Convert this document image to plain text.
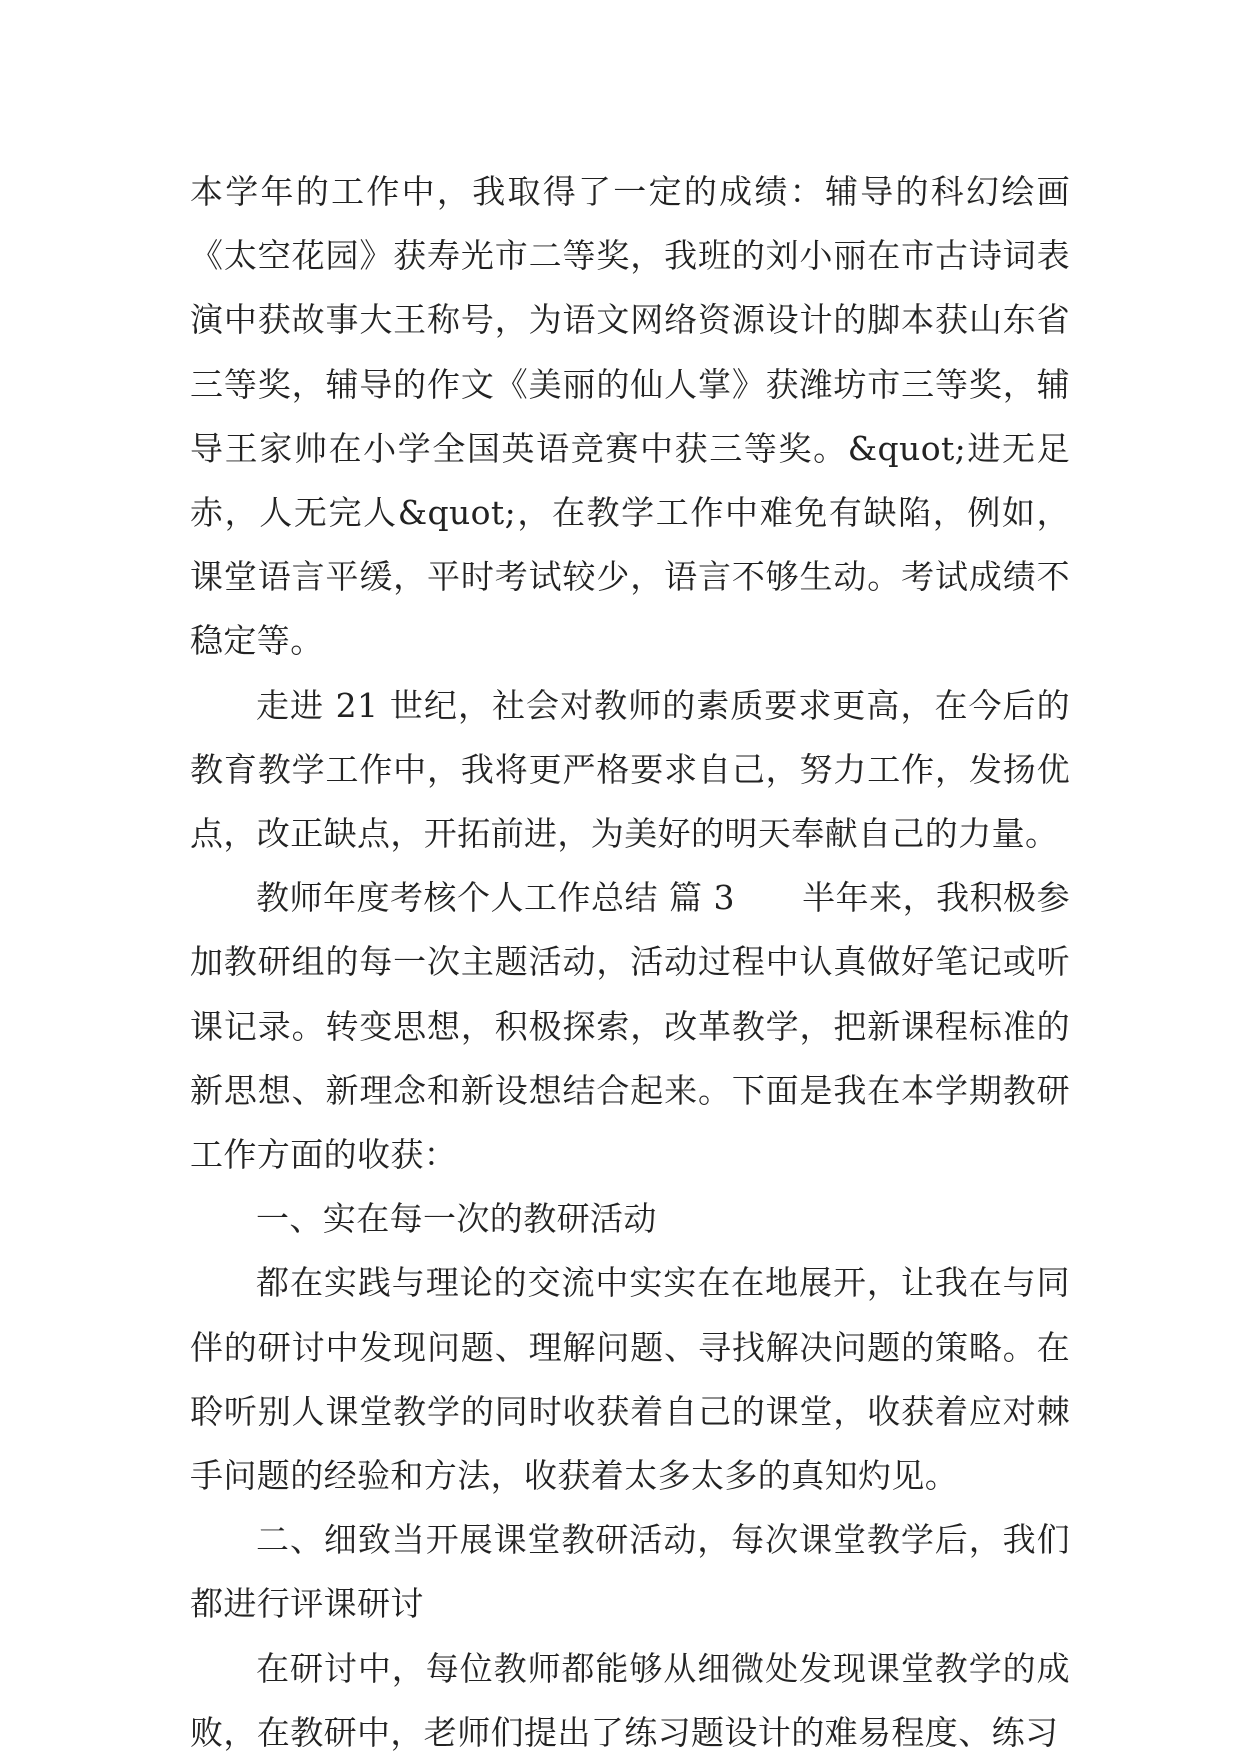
本学年的工作中，我取得了一定的成绩：辅导的科幻绘画《太空花园》获寿光市二等奖，我班的刘小丽在市古诗词表演中获故事大王称号，为语文网络资源设计的脚本获山东省三等奖，辅导的作文《美丽的仙人掌》获潍坊市三等奖，辅导王家帅在小学全国英语竞赛中获三等奖。&quot;进无足赤，人无完人&quot;，在教学工作中难免有缺陷，例如，课堂语言平缓，平时考试较少，语言不够生动。考试成绩不稳定等。

走进 21 世纪，社会对教师的素质要求更高，在今后的教育教学工作中，我将更严格要求自己，努力工作，发扬优点，改正缺点，开拓前进，为美好的明天奉献自己的力量。

教师年度考核个人工作总结 篇 3　　半年来，我积极参加教研组的每一次主题活动，活动过程中认真做好笔记或听课记录。转变思想，积极探索，改革教学，把新课程标准的新思想、新理念和新设想结合起来。下面是我在本学期教研工作方面的收获：

一、实在每一次的教研活动

都在实践与理论的交流中实实在在地展开，让我在与同伴的研讨中发现问题、理解问题、寻找解决问题的策略。在聆听别人课堂教学的同时收获着自己的课堂，收获着应对棘手问题的经验和方法，收获着太多太多的真知灼见。

二、细致当开展课堂教研活动，每次课堂教学后，我们都进行评课研讨

在研讨中，每位教师都能够从细微处发现课堂教学的成败，在教研中，老师们提出了练习题设计的难易程度、练习
